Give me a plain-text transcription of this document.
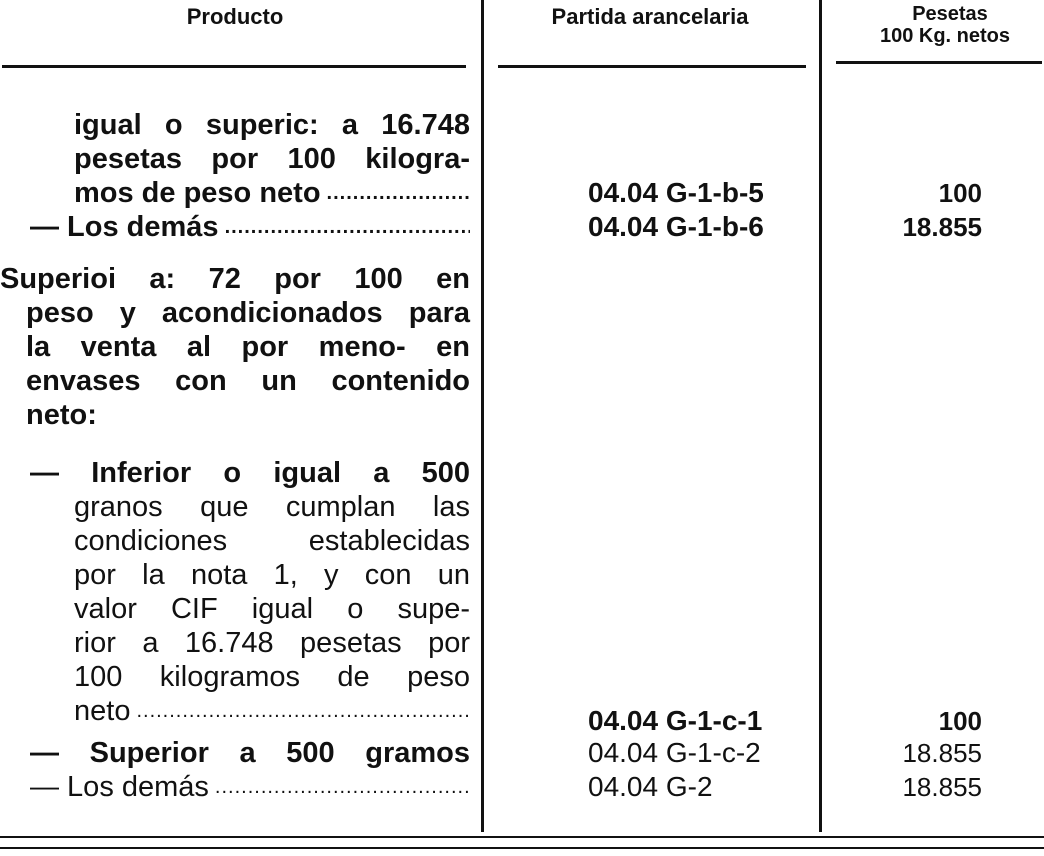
Producto	Partida arancelaria	Pesetas
100 Kg. netos
igual o superic: a 16.748
pesetas por 100 kilogra-
mos de peso neto .....	04.04 G-1-b-5	100
— Los demás .....	04.04 G-1-b-6	18.855
Superioi a: 72 por 100 en
peso y acondicionados para
la venta al por meno- en
envases con un contenido
neto:
— Inferior o igual a 500
granos que cumplan las
condiciones establecidas
por la nota 1, y con un
valor CIF igual o supe-
rior a 16.748 pesetas por
100 kilogramos de peso
neto .....	04.04 G-1-c-1	100
— Superior a 500 gramos	04.04 G-1-c-2	18.855
— Los demás .....	04.04 G-2	18.855
